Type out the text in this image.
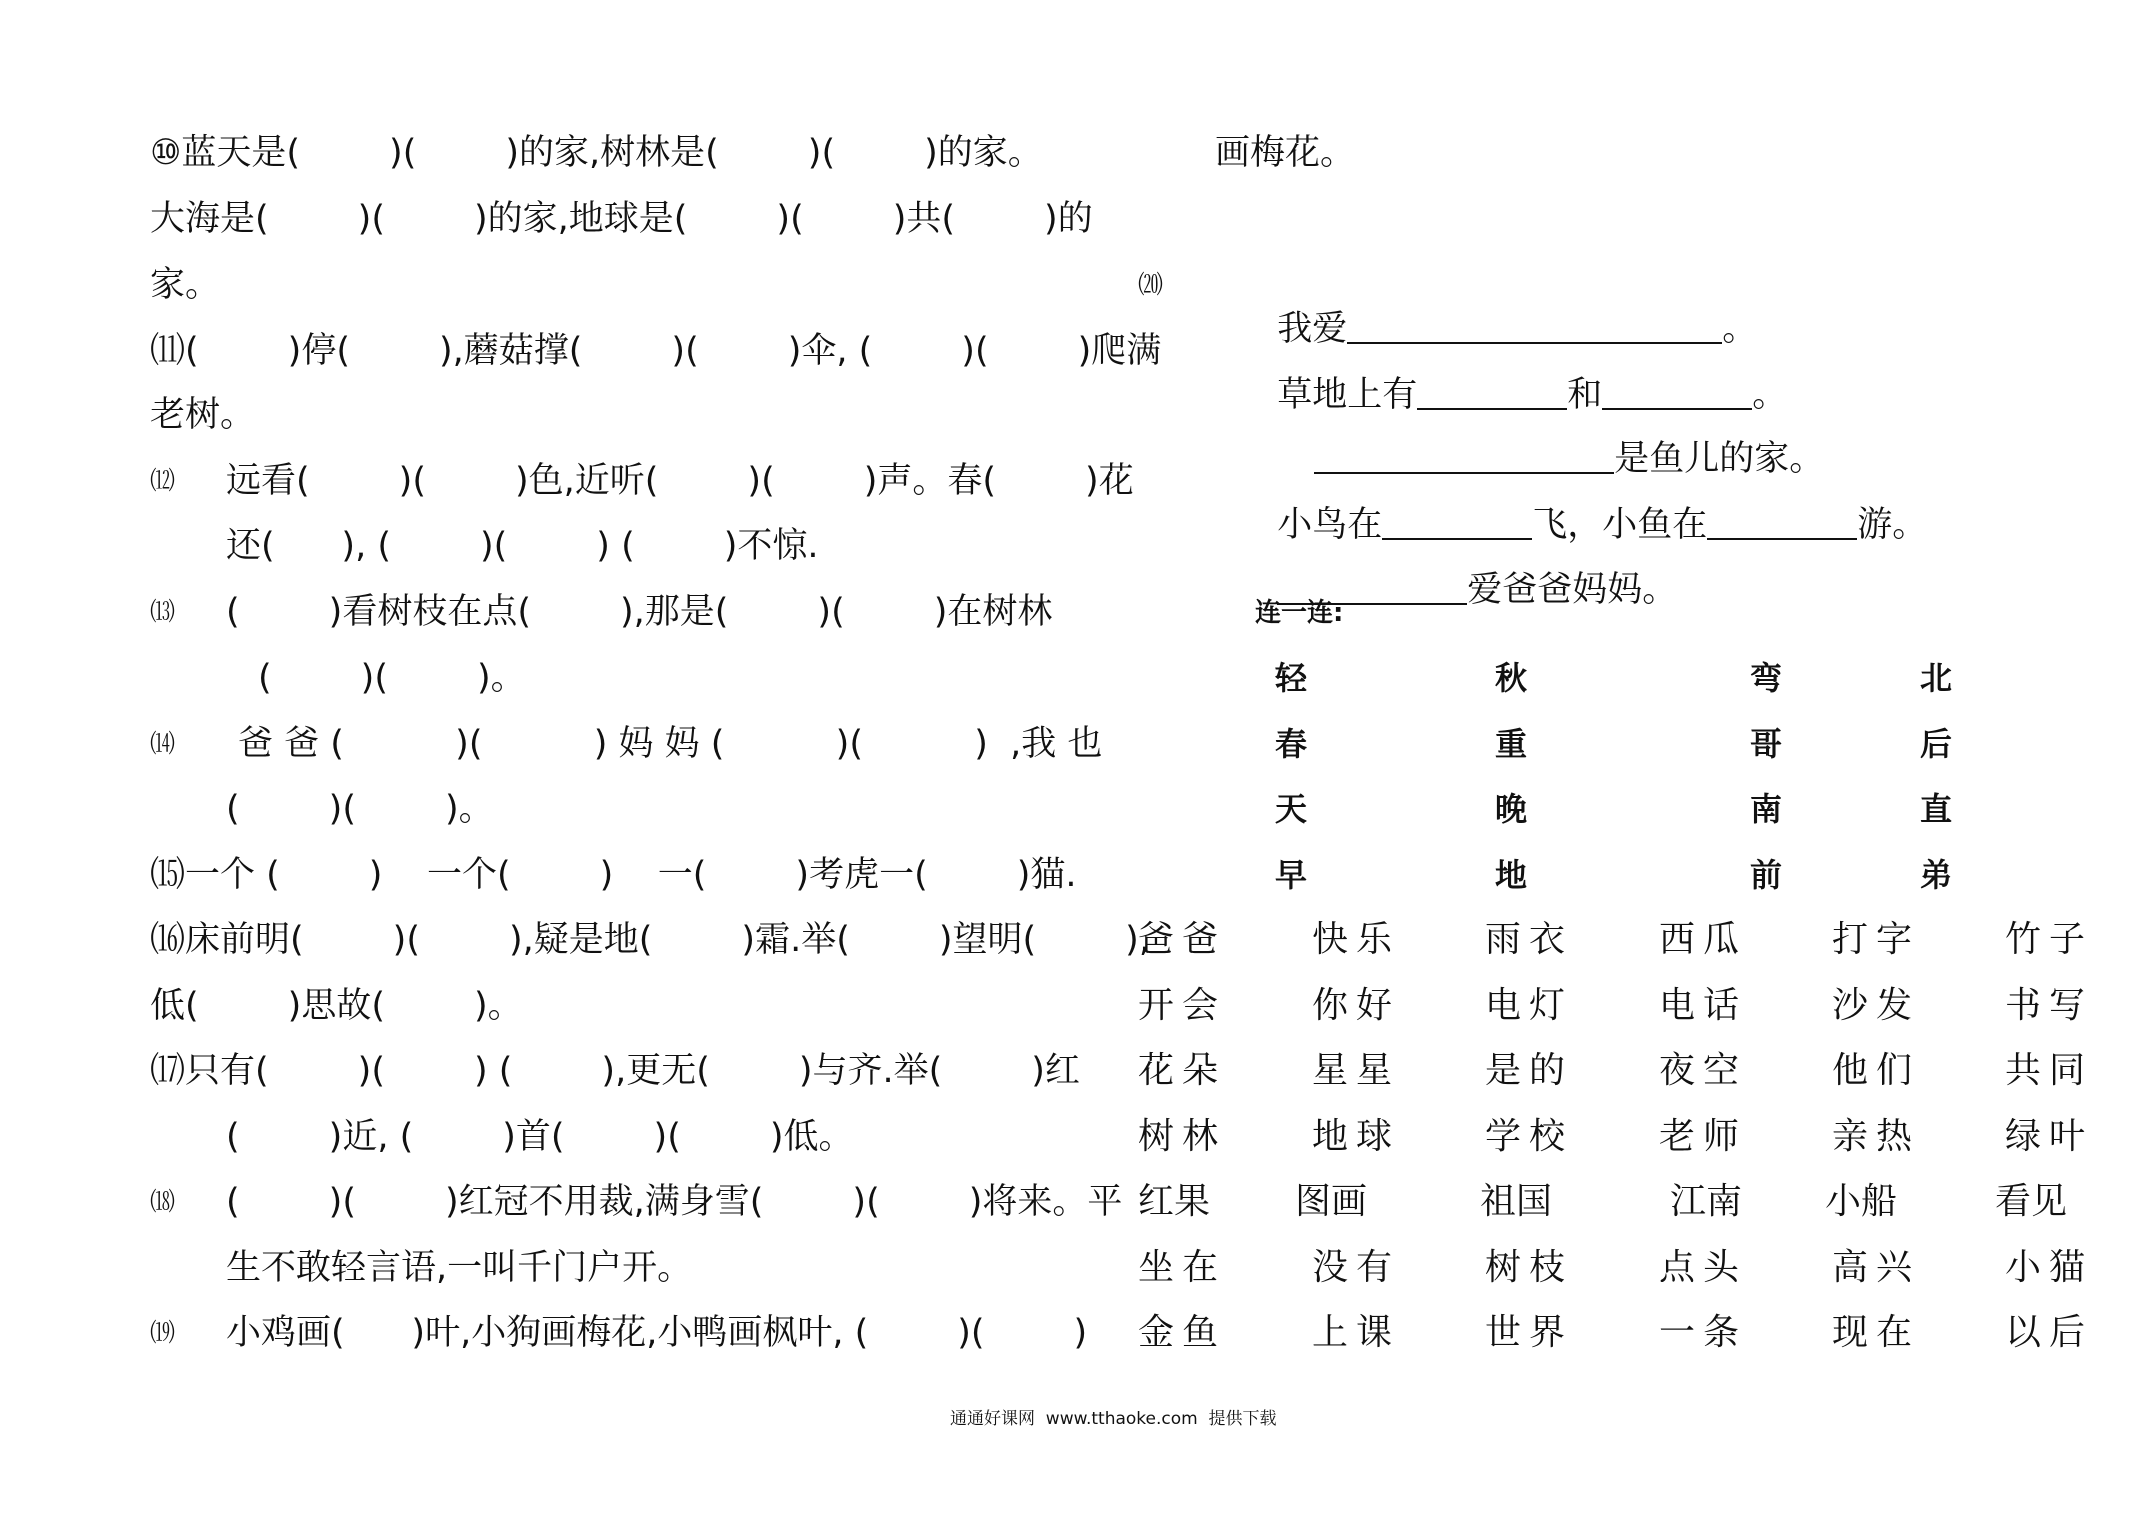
⑩蓝天是(        )(        )的家,树林是(        )(        )的家。
大海是(        )(        )的家,地球是(        )(        )共(        )的
家。
⑾(        )停(        ),蘑菇撑(        )(        )伞, (        )(        )爬满
老树。
⑿ 远看(        )(        )色,近听(        )(        )声。春(        )花
还(      ), (        )(        ) (        )不惊.
⒀ (        )看树枝在点(        ),那是(        )(        )在树林
(        )(        )。
⒁ 爸 爸 (          )(          ) 妈 妈 (          )(          )  ,我 也
(        )(        )。
⒂一个 (        )    一个(        )    一(        )考虎一(        )猫.
⒃床前明(        )(        ),疑是地(        )霜.举(        )望明(        ),
低(        )思故(        )。
⒄只有(        )(        ) (        ),更无(        )与齐.举(        )红
(        )近, (        )首(        )(        )低。
⒅ (        )(        )红冠不用裁,满身雪(        )(        )将来。平
生不敢轻言语,一叫千门户开。
⒆ 小鸡画(      )叶,小狗画梅花,小鸭画枫叶, (        )(        )
画梅花。
⒇

我爱	。

草地上有	和	。

是鱼儿的家。

小鸟在	飞，小鱼在	游。

爱爸爸妈妈。

连一连:
轻	秋	弯	北
春	重	哥	后
天	晚	南	直
早	地	前	弟
爸爸 快乐 雨衣 西瓜 打字 竹子
开会 你好 电灯 电话 沙发 书写
花朵 星星 是的 夜空 他们 共同
树林 地球 学校 老师 亲热 绿叶
红果 图画	祖国	江南 小船	看见
坐在 没有 树枝 点头 高兴 小猫
金鱼 上课 世界 一条 现在 以后
通通好课网  www.tthaoke.com  提供下载
